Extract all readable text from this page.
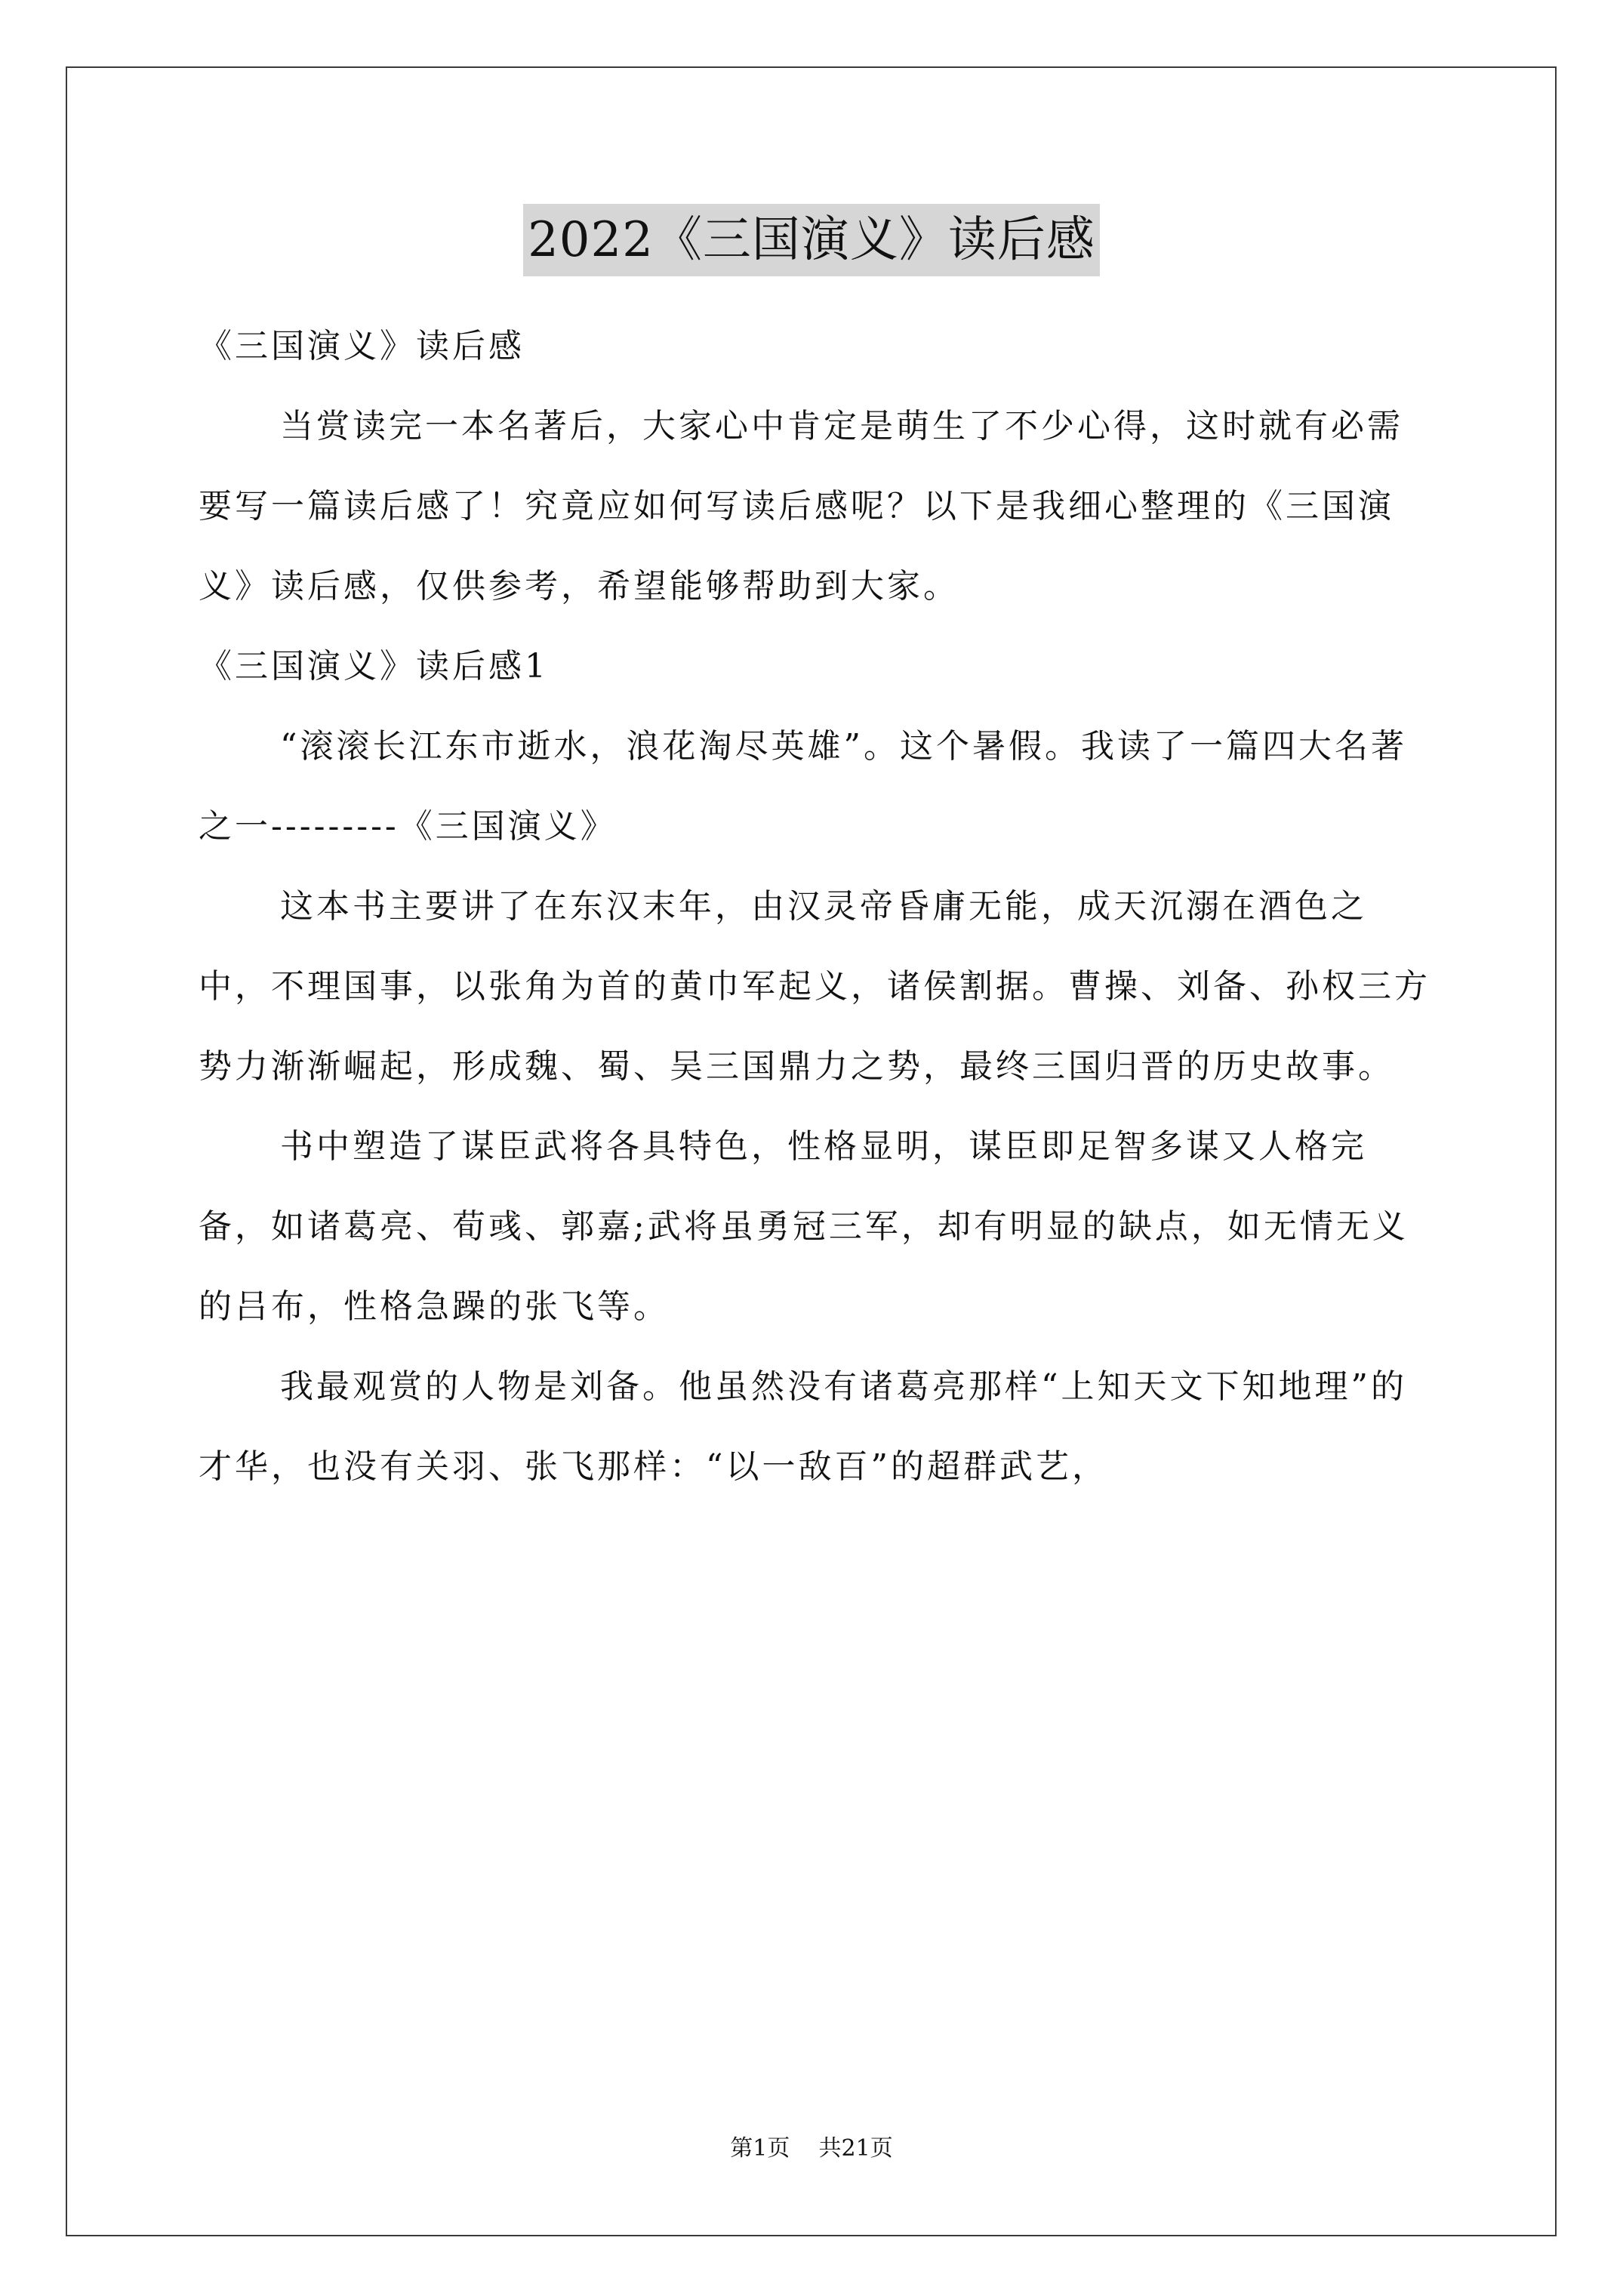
2022《三国演义》读后感

《三国演义》读后感

当赏读完一本名著后，大家心中肯定是萌生了不少心得，这时就有必需要写一篇读后感了！究竟应如何写读后感呢？以下是我细心整理的《三国演义》读后感，仅供参考，希望能够帮助到大家。

《三国演义》读后感1

“滚滚长江东市逝水，浪花淘尽英雄”。这个暑假。我读了一篇四大名著之一---------《三国演义》

这本书主要讲了在东汉末年，由汉灵帝昏庸无能，成天沉溺在酒色之中，不理国事，以张角为首的黄巾军起义，诸侯割据。曹操、刘备、孙权三方势力渐渐崛起，形成魏、蜀、吴三国鼎力之势，最终三国归晋的历史故事。

书中塑造了谋臣武将各具特色，性格显明，谋臣即足智多谋又人格完备，如诸葛亮、荀彧、郭嘉;武将虽勇冠三军，却有明显的缺点，如无情无义的吕布，性格急躁的张飞等。

我最观赏的人物是刘备。他虽然没有诸葛亮那样“上知天文下知地理”的才华，也没有关羽、张飞那样：“以一敌百”的超群武艺，

第1页 共21页
